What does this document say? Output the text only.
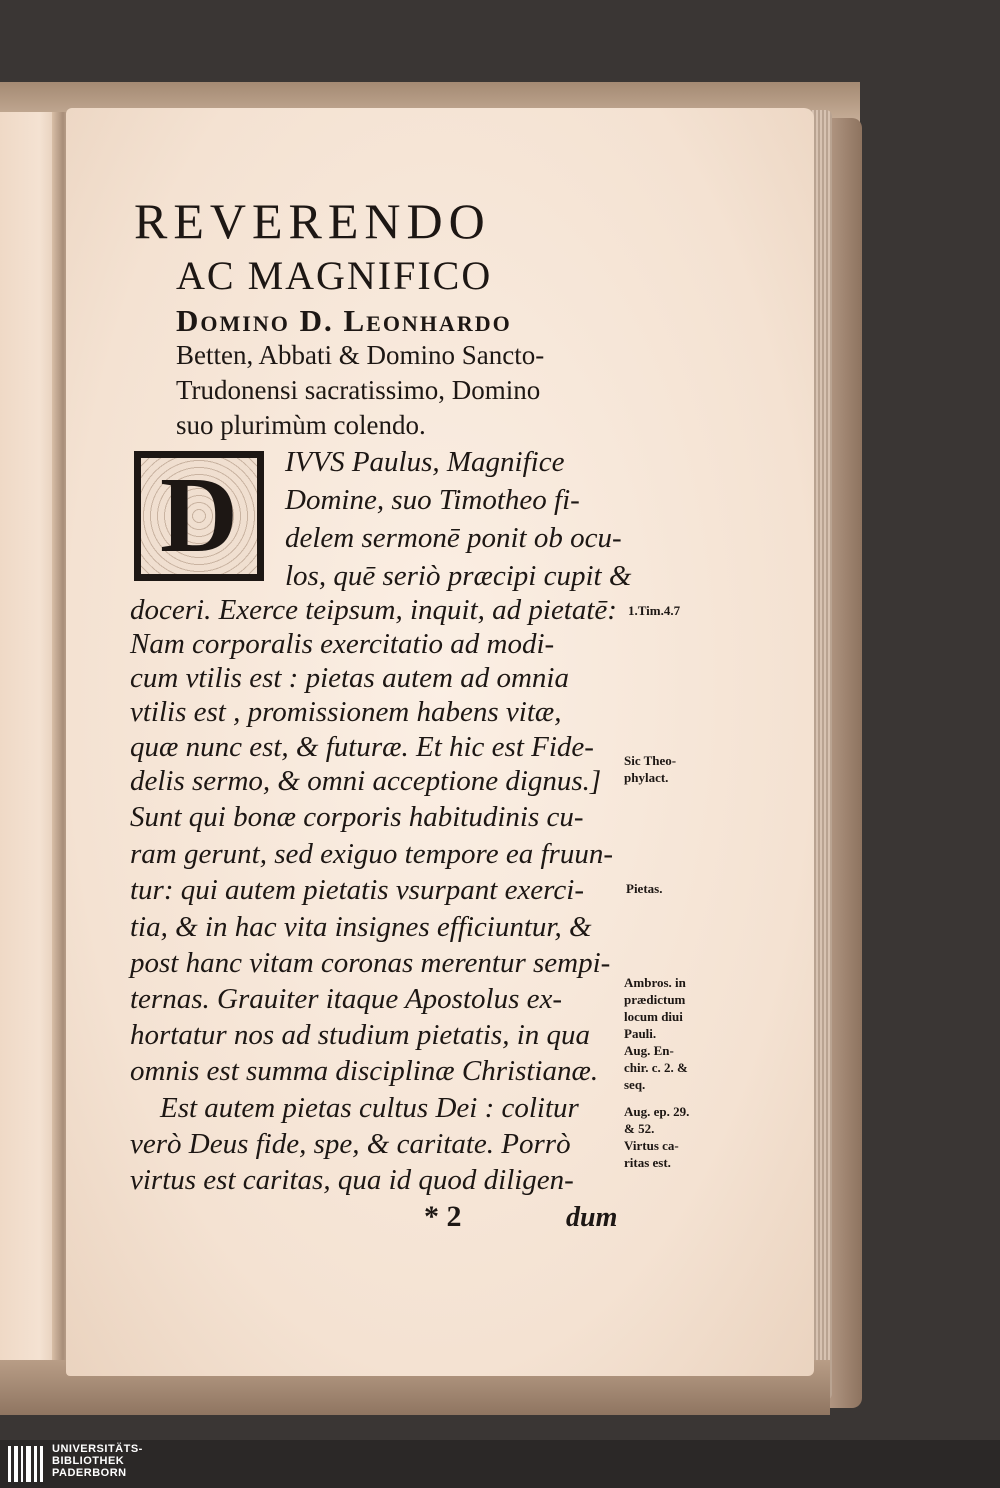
REVERENDO
AC MAGNIFICO
Domino D. Leonhardo
Betten, Abbati & Domino Sancto-
Trudonensi sacratissimo, Domino
suo plurimùm colendo.
D IVVS Paulus, Magnifice
Domine, suo Timotheo fi-
delem sermonē ponit ob ocu-
los, quē seriò præcipi cupit &
doceri. Exerce teipsum, inquit, ad pietatē:
Nam corporalis exercitatio ad modi-
cum vtilis est : pietas autem ad omnia
vtilis est , promissionem habens vitæ,
quæ nunc est, & futuræ. Et hic est Fide-
delis sermo, & omni acceptione dignus.]
Sunt qui bonæ corporis habitudinis cu-
ram gerunt, sed exiguo tempore ea fruun-
tur: qui autem pietatis vsurpant exerci-
tia, & in hac vita insignes efficiuntur, &
post hanc vitam coronas merentur sempi-
ternas. Grauiter itaque Apostolus ex-
hortatur nos ad studium pietatis, in qua
omnis est summa disciplinæ Christianæ.
Est autem pietas cultus Dei : colitur
verò Deus fide, spe, & caritate. Porrò
virtus est caritas, qua id quod diligen-
* 2	dum
1.Tim.4.7
Sic Theo-
phylact.
Pietas.
Ambros. in
prædictum
locum diui
Pauli.
Aug. En-
chir. c. 2. &
seq.
Aug. ep. 29.
& 52.
Virtus ca-
ritas est.
UNIVERSITÄTS-
BIBLIOTHEK
PADERBORN
